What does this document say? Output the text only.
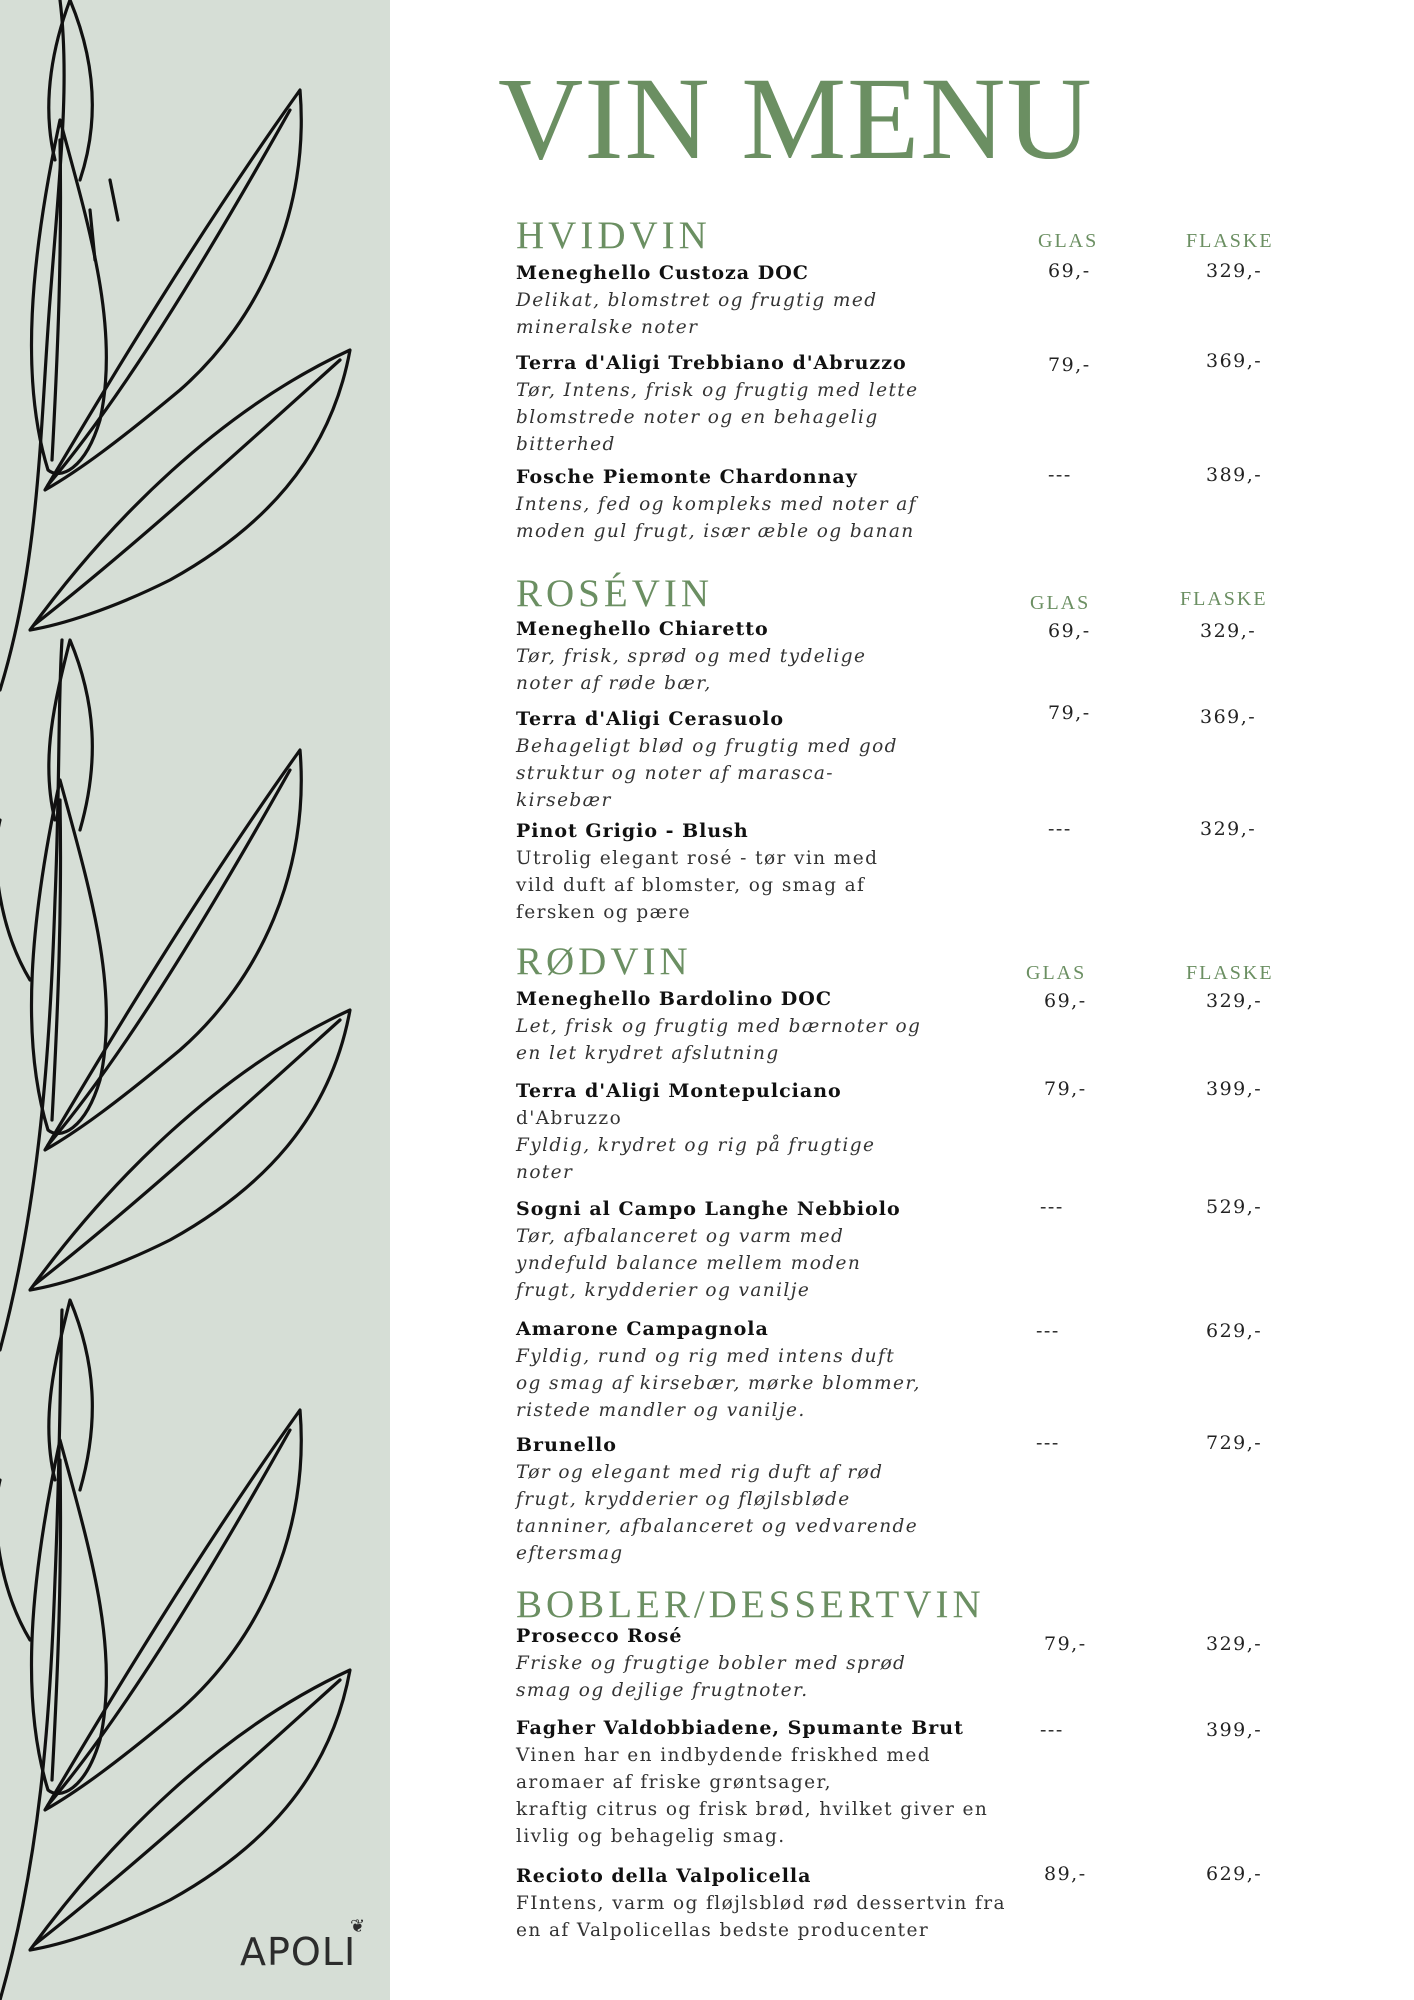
APOLI
❦
VIN MENU
HVIDVIN	GLAS	FLASKE
Meneghello Custoza DOC
Delikat, blomstret og frugtig med
mineralske noter
69,-	329,-
Terra d'Aligi Trebbiano d'Abruzzo
Tør, Intens, frisk og frugtig med lette
blomstrede noter og en behagelig
bitterhed
79,-	369,-
Fosche Piemonte Chardonnay
Intens, fed og kompleks med noter af
moden gul frugt, især æble og banan
---	389,-
ROSÉVIN	GLAS	FLASKE
Meneghello Chiaretto
Tør, frisk, sprød og med tydelige
noter af røde bær,
69,-	329,-
Terra d'Aligi Cerasuolo
Behageligt blød og frugtig med god
struktur og noter af marasca-
kirsebær
79,-	369,-
Pinot Grigio - Blush
Utrolig elegant rosé - tør vin med
vild duft af blomster, og smag af
fersken og pære
---	329,-
RØDVIN	GLAS	FLASKE
Meneghello Bardolino DOC
Let, frisk og frugtig med bærnoter og
en let krydret afslutning
69,-	329,-
Terra d'Aligi Montepulciano
d'Abruzzo
Fyldig, krydret og rig på frugtige
noter
79,-	399,-
Sogni al Campo Langhe Nebbiolo
Tør, afbalanceret og varm med
yndefuld balance mellem moden
frugt, krydderier og vanilje
---	529,-
Amarone Campagnola
Fyldig, rund og rig med intens duft
og smag af kirsebær, mørke blommer,
ristede mandler og vanilje.
---	629,-
Brunello
Tør og elegant med rig duft af rød
frugt, krydderier og fløjlsbløde
tanniner, afbalanceret og vedvarende
eftersmag
---	729,-
BOBLER/DESSERTVIN
Prosecco Rosé
Friske og frugtige bobler med sprød
smag og dejlige frugtnoter.
79,-	329,-
Fagher Valdobbiadene, Spumante Brut
Vinen har en indbydende friskhed med
aromaer af friske grøntsager,
kraftig citrus og frisk brød, hvilket giver en
livlig og behagelig smag.
---	399,-
Recioto della Valpolicella
FIntens, varm og fløjlsblød rød dessertvin fra
en af Valpolicellas bedste producenter
89,-	629,-
